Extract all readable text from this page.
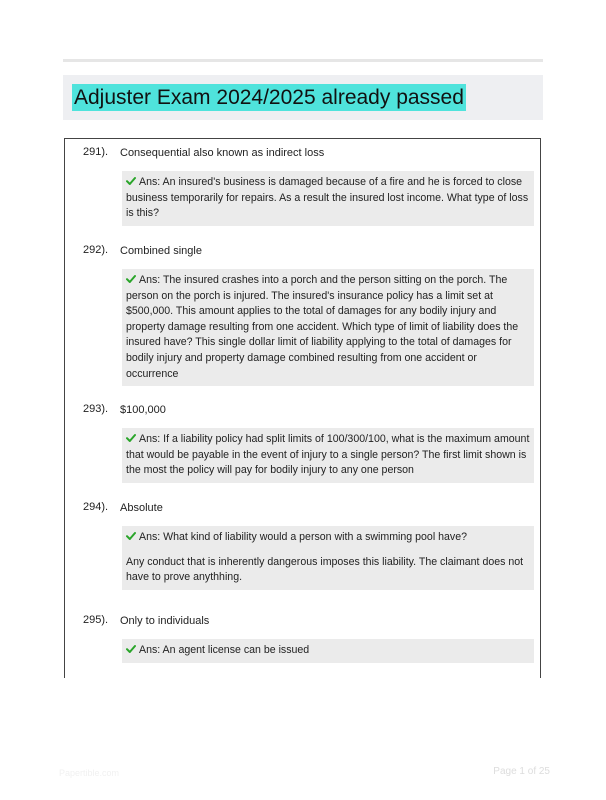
Adjuster Exam 2024/2025 already passed
291). Consequential also known as indirect loss

Ans: An insured's business is damaged because of a fire and he is forced to close business temporarily for repairs. As a result the insured lost income. What type of loss is this?

292). Combined single

Ans: The insured crashes into a porch and the person sitting on the porch. The person on the porch is injured. The insured's insurance policy has a limit set at $500,000. This amount applies to the total of damages for any bodily injury and property damage resulting from one accident. Which type of limit of liability does the insured have? This single dollar limit of liability applying to the total of damages for bodily injury and property damage combined resulting from one accident or occurrence

293). $100,000

Ans: If a liability policy had split limits of 100/300/100, what is the maximum amount that would be payable in the event of injury to a single person? The first limit shown is the most the policy will pay for bodily injury to any one person

294). Absolute

Ans: What kind of liability would a person with a swimming pool have?

Any conduct that is inherently dangerous imposes this liability. The claimant does not have to prove anythhing.

295). Only to individuals

Ans: An agent license can be issued

Papertible.com	Page 1 of 25
